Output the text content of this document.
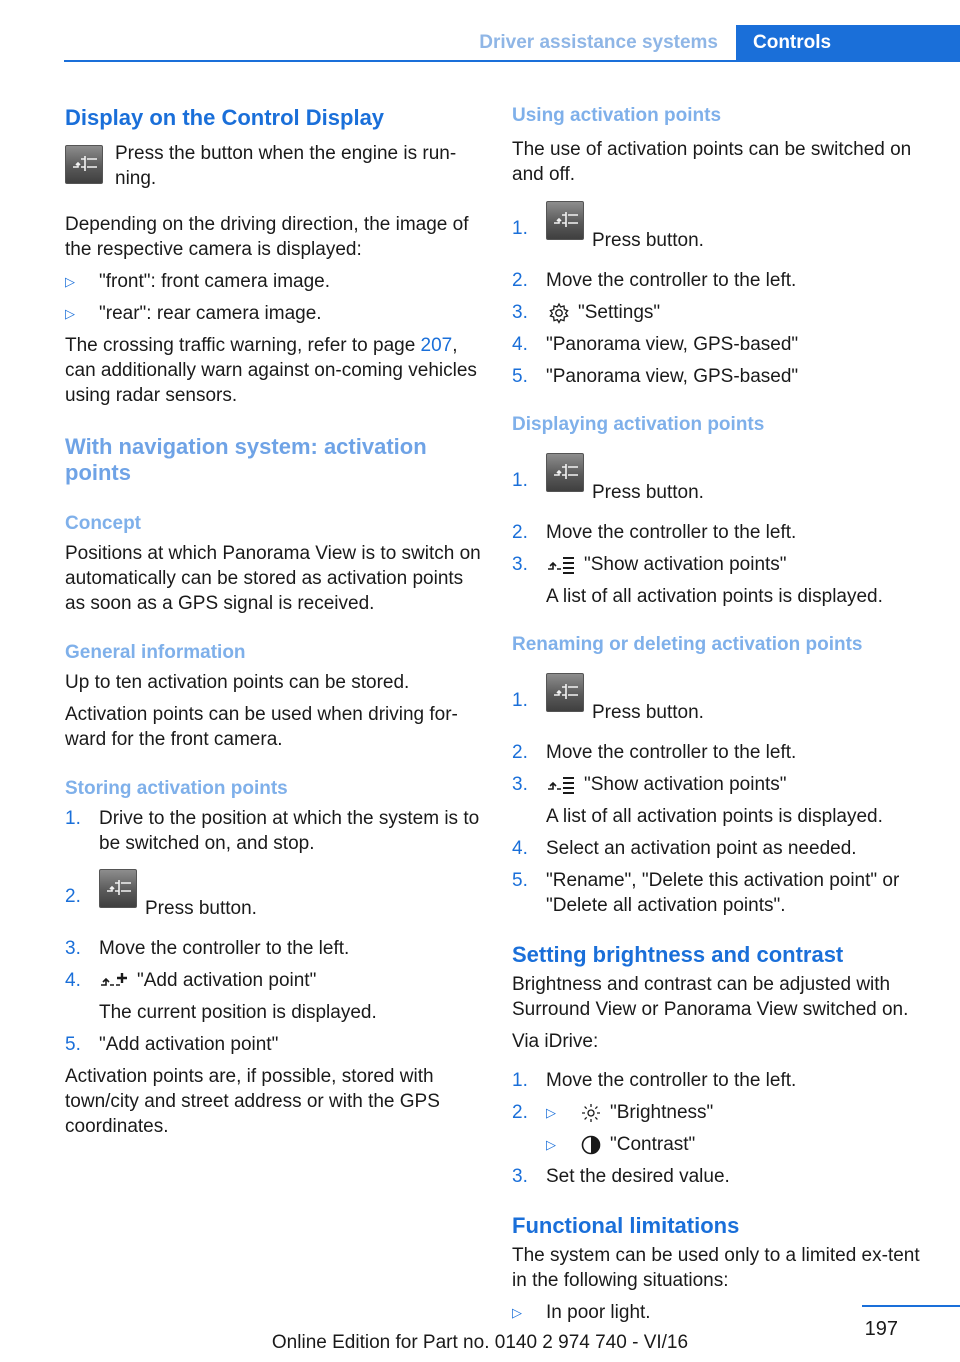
Driver assistance systems	Controls
Display on the Control Display
Press the button when the engine is run-ning.
Depending on the driving direction, the image of the respective camera is displayed:
▷ "front": front camera image.
▷ "rear": rear camera image.
The crossing traffic warning, refer to page 207, can additionally warn against on-coming vehicles using radar sensors.
With navigation system: activation points
Concept
Positions at which Panorama View is to switch on automatically can be stored as activation points as soon as a GPS signal is received.
General information
Up to ten activation points can be stored.
Activation points can be used when driving for-ward for the front camera.
Storing activation points
1. Drive to the position at which the system is to be switched on, and stop.
2.
Press button.
3. Move the controller to the left.
4.	"Add activation point"
The current position is displayed.
5. "Add activation point"
Activation points are, if possible, stored with town/city and street address or with the GPS coordinates.
Using activation points
The use of activation points can be switched on and off.
1.
Press button.
2. Move the controller to the left.
3.	"Settings"
4. "Panorama view, GPS-based"
5. "Panorama view, GPS-based"
Displaying activation points
1.
Press button.
2. Move the controller to the left.
3.	"Show activation points"
A list of all activation points is displayed.
Renaming or deleting activation points
1.
Press button.
2. Move the controller to the left.
3.	"Show activation points"
A list of all activation points is displayed.
4. Select an activation point as needed.
5. "Rename", "Delete this activation point" or "Delete all activation points".
Setting brightness and contrast
Brightness and contrast can be adjusted with Surround View or Panorama View switched on.
Via iDrive:
1. Move the controller to the left.
2. ▷	"Brightness"
▷	"Contrast"
3. Set the desired value.
Functional limitations
The system can be used only to a limited ex-tent in the following situations:
▷ In poor light.
197
Online Edition for Part no. 0140 2 974 740 - VI/16
